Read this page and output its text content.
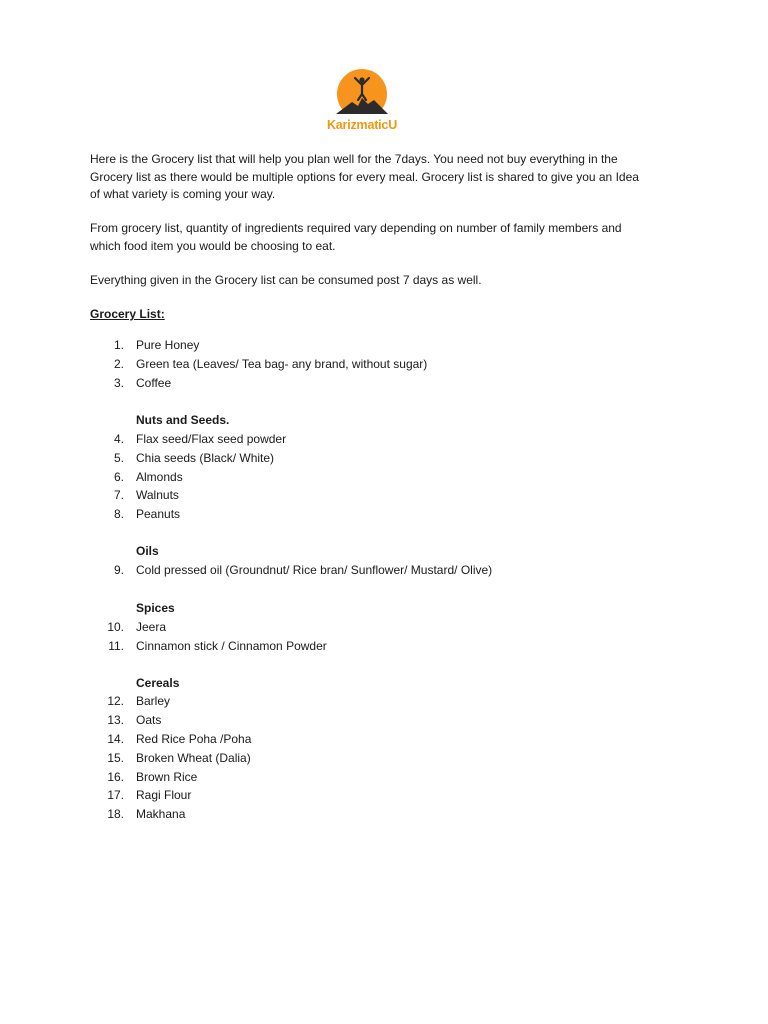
KarizmaticU
Here is the Grocery list that will help you plan well for the 7days. You need not buy everything in the
Grocery list as there would be multiple options for every meal. Grocery list is shared to give you an Idea
of what variety is coming your way.
From grocery list, quantity of ingredients required vary depending on number of family members and
which food item you would be choosing to eat.
Everything given in the Grocery list can be consumed post 7 days as well.
Grocery List:
1. Pure Honey
2. Green tea (Leaves/ Tea bag- any brand, without sugar)
3. Coffee
Nuts and Seeds.
4. Flax seed/Flax seed powder
5. Chia seeds (Black/ White)
6. Almonds
7. Walnuts
8. Peanuts
Oils
9. Cold pressed oil (Groundnut/ Rice bran/ Sunflower/ Mustard/ Olive)
Spices
10. Jeera
11. Cinnamon stick / Cinnamon Powder
Cereals
12. Barley
13. Oats
14. Red Rice Poha /Poha
15. Broken Wheat (Dalia)
16. Brown Rice
17. Ragi Flour
18. Makhana
